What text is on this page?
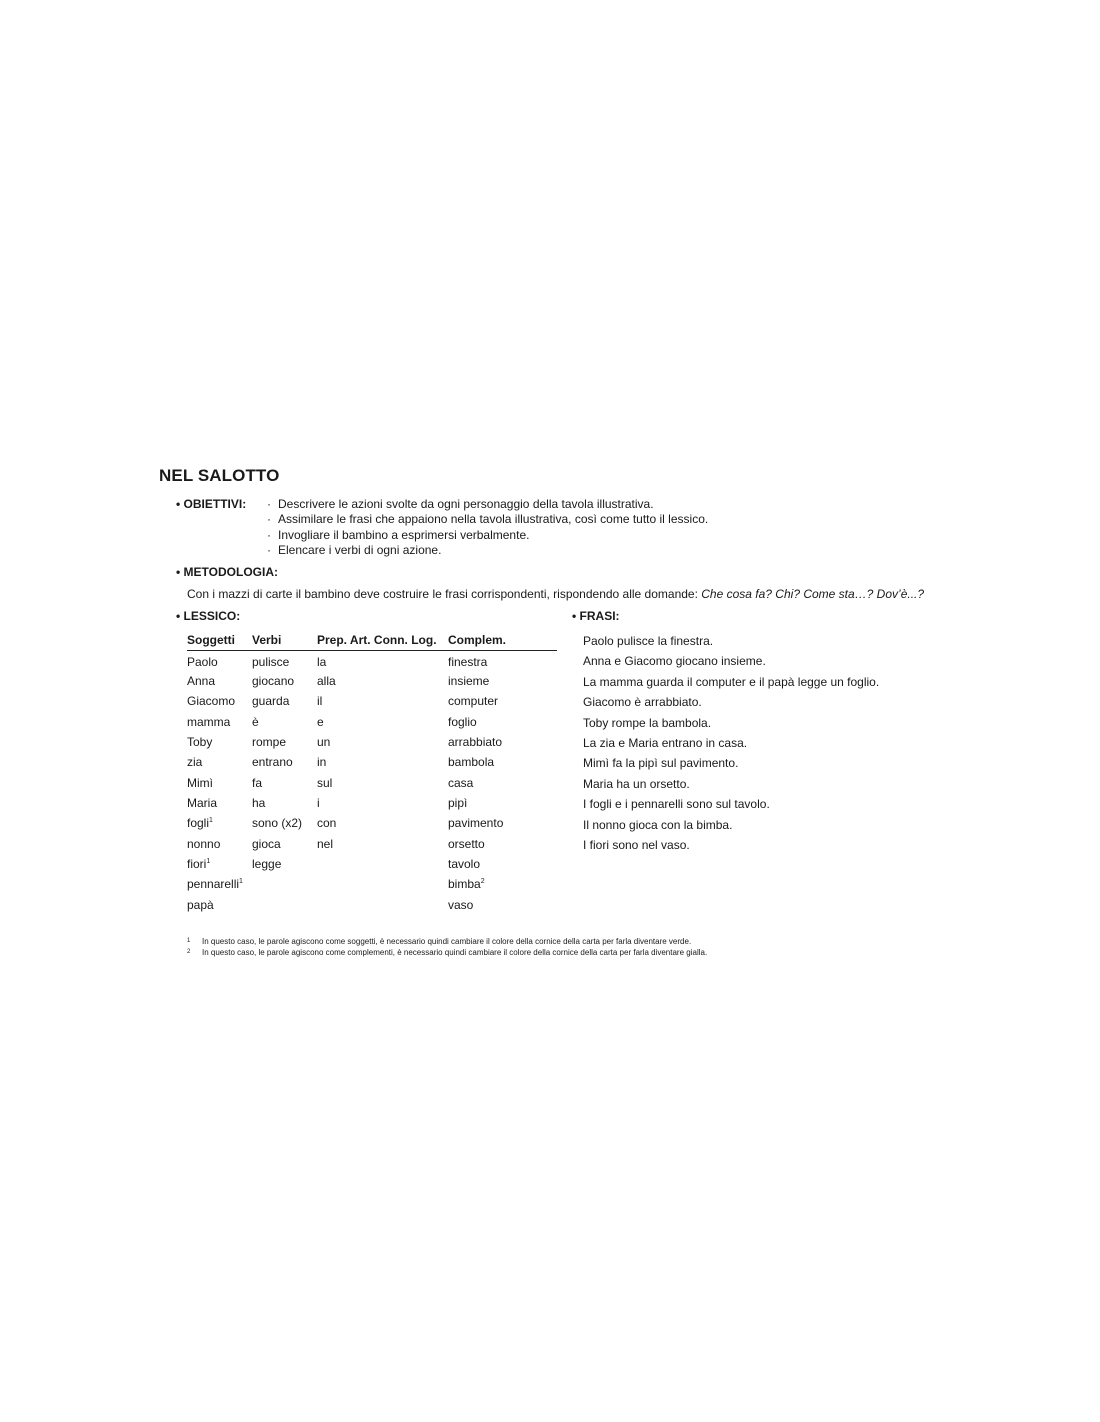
NEL SALOTTO
• OBIETTIVI: · Descrivere le azioni svolte da ogni personaggio della tavola illustrativa.
· Assimilare le frasi che appaiono nella tavola illustrativa, così come tutto il lessico.
· Invogliare il bambino a esprimersi verbalmente.
· Elencare i verbi di ogni azione.
• METODOLOGIA:
Con i mazzi di carte il bambino deve costruire le frasi corrispondenti, rispondendo alle domande: Che cosa fa? Chi? Come sta…? Dov’è...?
• LESSICO:
Soggetti	Verbi	Prep. Art. Conn. Log.	Complem.
Paolo	pulisce	la	finestra
Anna	giocano	alla	insieme
Giacomo	guarda	il	computer
mamma	è	e	foglio
Toby	rompe	un	arrabbiato
zia	entrano	in	bambola
Mimì	fa	sul	casa
Maria	ha	i	pipì
fogli$^1$	sono (x2)	con	pavimento
nonno	gioca	nel	orsetto
fiori$^1$	legge		tavolo
pennarelli$^1$			bimba$^2$
papà			vaso
• FRASI:
Paolo pulisce la finestra.
Anna e Giacomo giocano insieme.
La mamma guarda il computer e il papà legge un foglio.
Giacomo è arrabbiato.
Toby rompe la bambola.
La zia e Maria entrano in casa.
Mimì fa la pipì sul pavimento.
Maria ha un orsetto.
I fogli e i pennarelli sono sul tavolo.
Il nonno gioca con la bimba.
I fiori sono nel vaso.
1 In questo caso, le parole agiscono come soggetti, è necessario quindi cambiare il colore della cornice della carta per farla diventare verde.
2 In questo caso, le parole agiscono come complementi, è necessario quindi cambiare il colore della cornice della carta per farla diventare gialla.
